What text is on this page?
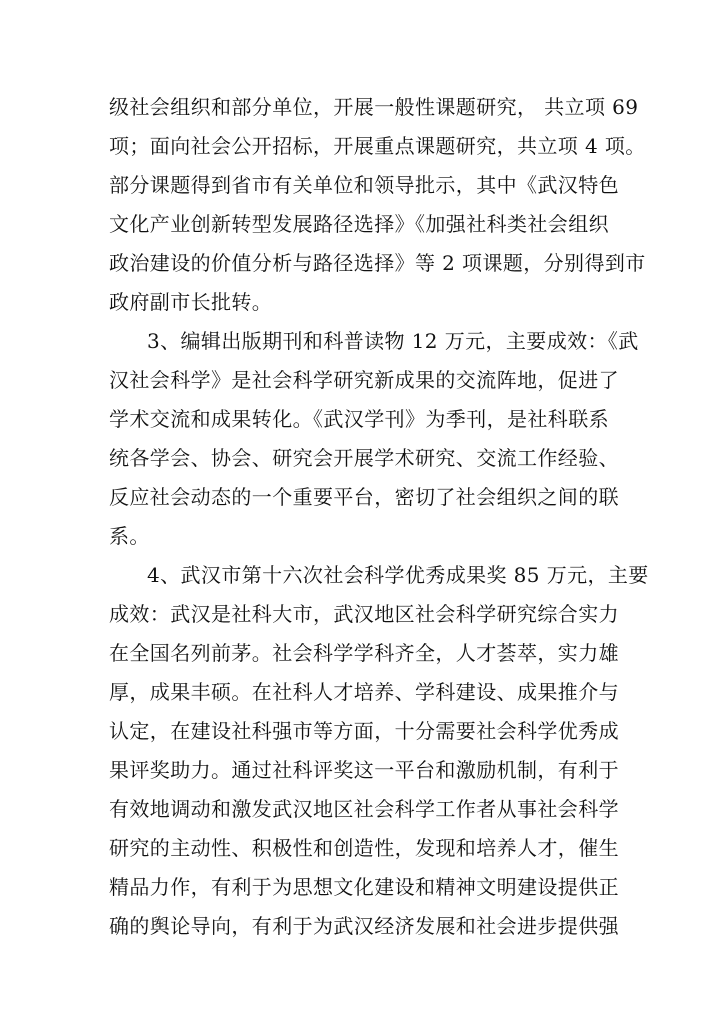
级社会组织和部分单位，开展一般性课题研究， 共立项 69
项；面向社会公开招标，开展重点课题研究，共立项 4 项。
部分课题得到省市有关单位和领导批示，其中《武汉特色
文化产业创新转型发展路径选择》《加强社科类社会组织
政治建设的价值分析与路径选择》等 2 项课题，分别得到市
政府副市长批转。
3、编辑出版期刊和科普读物 12 万元，主要成效：《武
汉社会科学》是社会科学研究新成果的交流阵地，促进了
学术交流和成果转化。《武汉学刊》为季刊，是社科联系
统各学会、协会、研究会开展学术研究、交流工作经验、
反应社会动态的一个重要平台，密切了社会组织之间的联
系。
4、武汉市第十六次社会科学优秀成果奖 85 万元，主要
成效：武汉是社科大市，武汉地区社会科学研究综合实力
在全国名列前茅。社会科学学科齐全，人才荟萃，实力雄
厚，成果丰硕。在社科人才培养、学科建设、成果推介与
认定，在建设社科强市等方面，十分需要社会科学优秀成
果评奖助力。通过社科评奖这一平台和激励机制，有利于
有效地调动和激发武汉地区社会科学工作者从事社会科学
研究的主动性、积极性和创造性，发现和培养人才，催生
精品力作，有利于为思想文化建设和精神文明建设提供正
确的舆论导向，有利于为武汉经济发展和社会进步提供强
